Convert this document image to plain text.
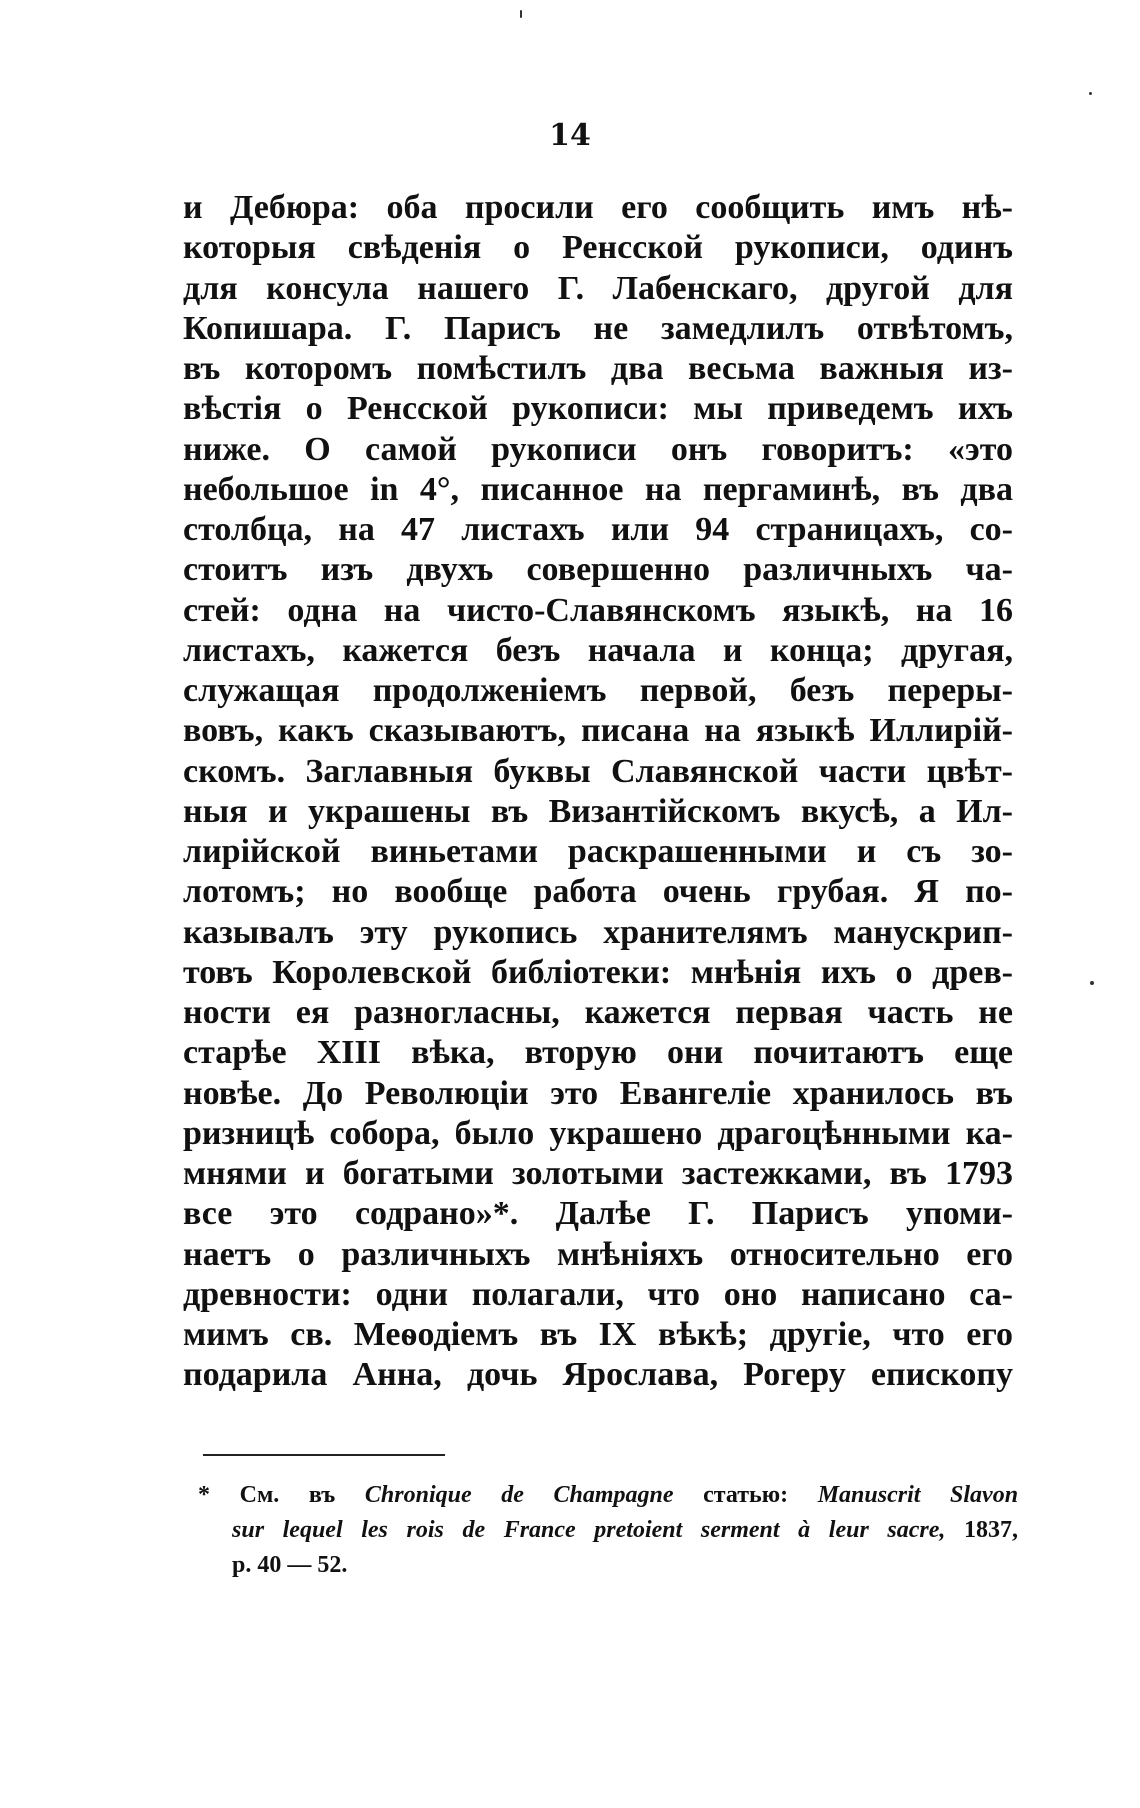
14
и Дебюра: оба просили его сообщить имъ нѣ-
которыя свѣденія о Ренсской рукописи, одинъ
для консула нашего Г. Лабенскаго, другой для
Копишара. Г. Парисъ не замедлилъ отвѣтомъ,
въ которомъ помѣстилъ два весьма важныя из-
вѣстія о Ренсской рукописи: мы приведемъ ихъ
ниже. О самой рукописи онъ говоритъ: «это
небольшое in 4°, писанное на пергаминѣ, въ два
столбца, на 47 листахъ или 94 страницахъ, со-
стоитъ изъ двухъ совершенно различныхъ ча-
стей: одна на чисто-Славянскомъ языкѣ, на 16
листахъ, кажется безъ начала и конца; другая,
служащая продолженіемъ первой, безъ переры-
вовъ, какъ сказываютъ, писана на языкѣ Иллирій-
скомъ. Заглавныя буквы Славянской части цвѣт-
ныя и украшены въ Византійскомъ вкусѣ, а Ил-
лирійской виньетами раскрашенными и съ зо-
лотомъ; но вообще работа очень грубая. Я по-
казывалъ эту рукопись хранителямъ манускрип-
товъ Королевской библіотеки: мнѣнія ихъ о древ-
ности ея разногласны, кажется первая часть не
старѣе XIII вѣка, вторую они почитаютъ еще
новѣе. До Революціи это Евангеліе хранилось въ
ризницѣ собора, было украшено драгоцѣнными ка-
мнями и богатыми золотыми застежками, въ 1793
все это содрано»*. Далѣе Г. Парисъ упоми-
наетъ о различныхъ мнѣніяхъ относительно его
древности: одни полагали, что оно написано са-
мимъ св. Меѳодіемъ въ IX вѣкѣ; другіе, что его
подарила Анна, дочь Ярослава, Рогеру епископу
* См. въ Chronique de Champagne статью: Manuscrit Slavon
sur lequel les rois de France pretoient serment à leur sacre, 1837,
p. 40 — 52.
